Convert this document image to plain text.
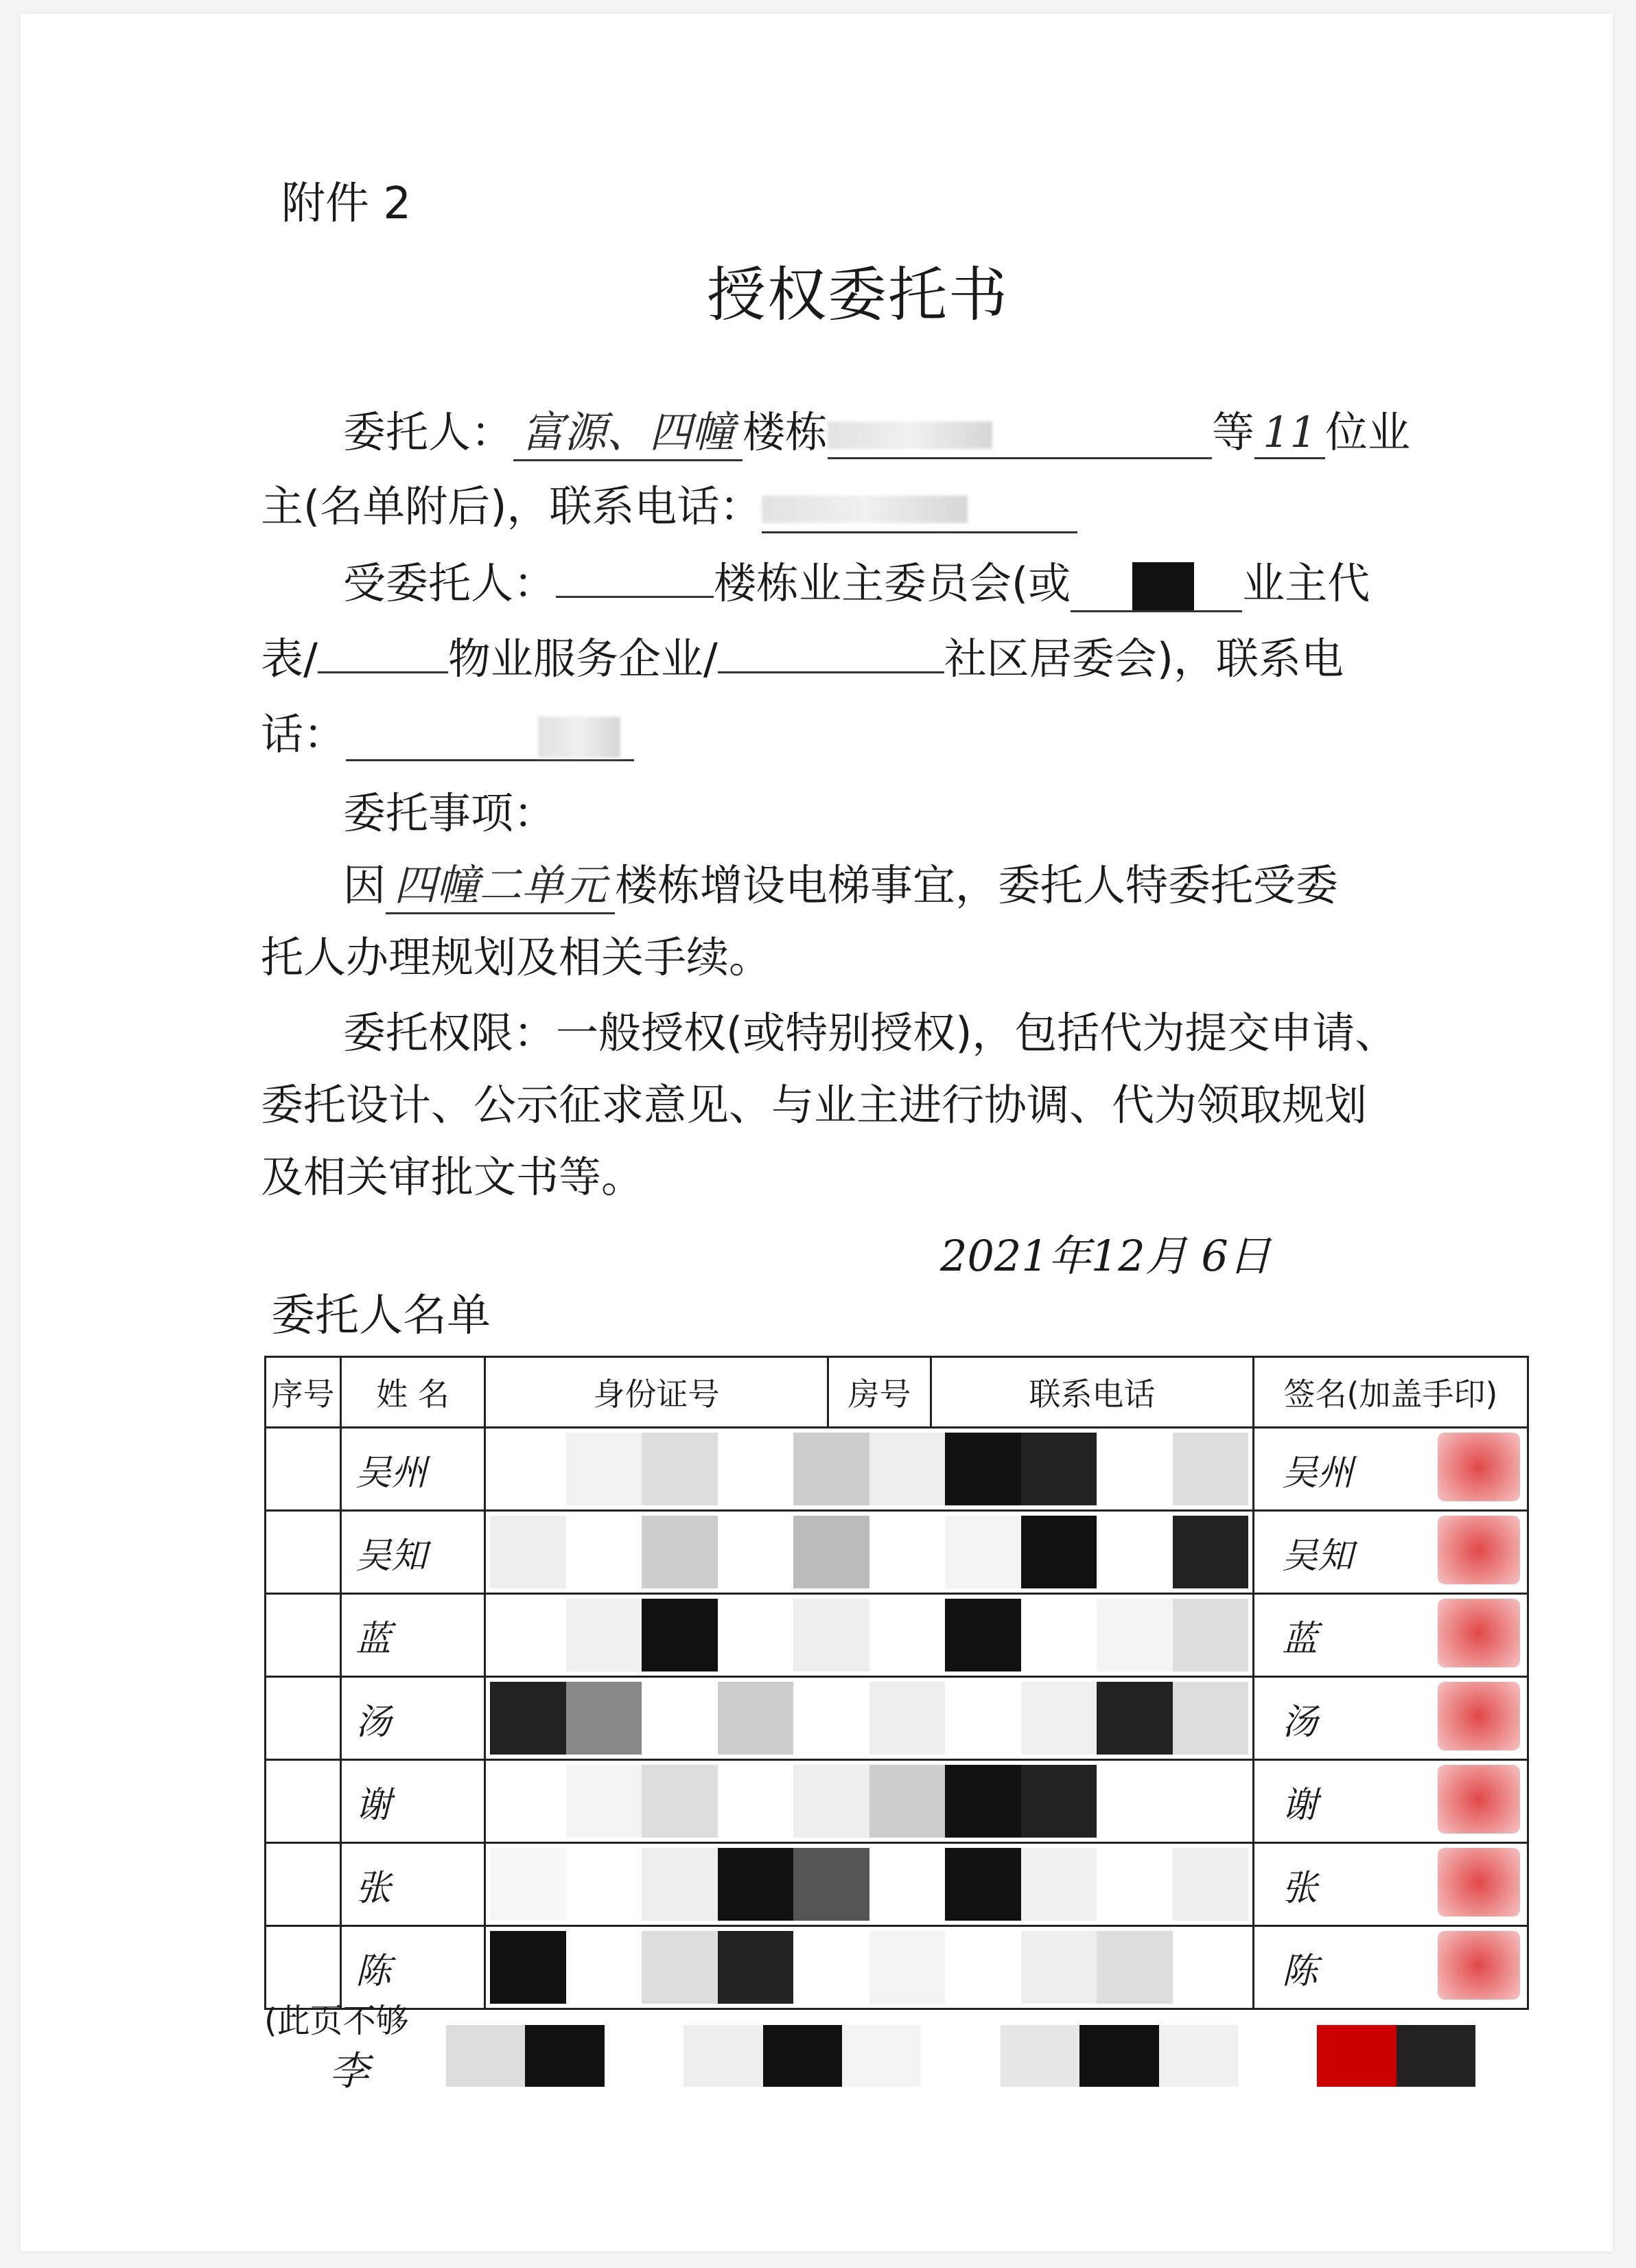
附件 2
授权委托书
委托人： 富源、四幢 楼栋	等 11 位业
主(名单附后)，联系电话：
受委托人：	楼栋业主委员会(或	业主代
表/	物业服务企业/	社区居委会)，联系电
话：
委托事项：
因 四幢二单元 楼栋增设电梯事宜，委托人特委托受委
托人办理规划及相关手续。
委托权限：一般授权(或特别授权)，包括代为提交申请、
委托设计、公示征求意见、与业主进行协调、代为领取规划
及相关审批文书等。
2021年12月 6日
委托人名单
序号	姓 名	身份证号	房号	联系电话	签名(加盖手印)
	吴州				吴州

	吴知				吴知

	蓝				蓝

	汤				汤

	谢				谢

	张				张

	陈				陈
(此页不够
李
